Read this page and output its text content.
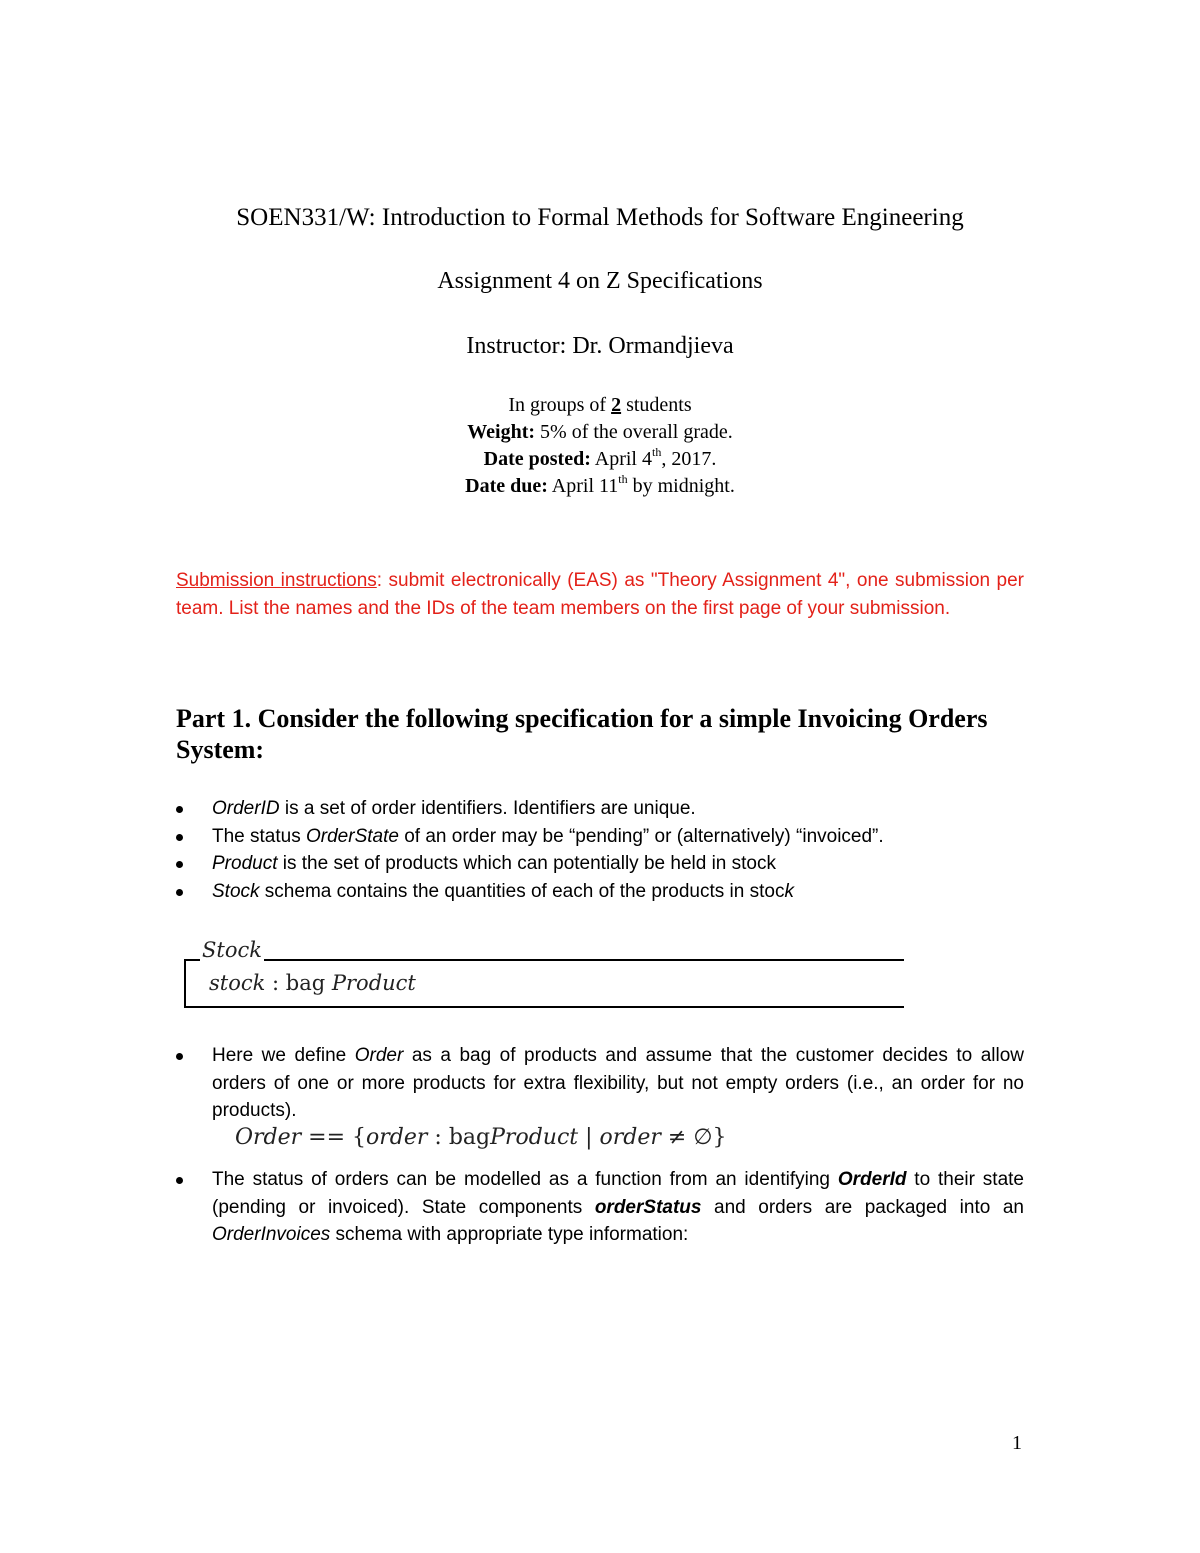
SOEN331/W: Introduction to Formal Methods for Software Engineering
Assignment 4 on Z Specifications
Instructor: Dr. Ormandjieva
In groups of 2 students
Weight: 5% of the overall grade.
Date posted: April 4th, 2017.
Date due: April 11th by midnight.
Submission instructions: submit electronically (EAS) as "Theory Assignment 4", one submission per team. List the names and the IDs of the team members on the first page of your submission.
Part 1. Consider the following specification for a simple Invoicing Orders System:
OrderID is a set of order identifiers. Identifiers are unique.
The status OrderState of an order may be “pending” or (alternatively) “invoiced”.
Product is the set of products which can potentially be held in stock
Stock schema contains the quantities of each of the products in stock
Stock
stock : bag Product
Here we define Order as a bag of products and assume that the customer decides to allow orders of one or more products for extra flexibility, but not empty orders (i.e., an order for no products).
Order == {order : bagProduct | order ≠ ∅}
The status of orders can be modelled as a function from an identifying OrderId to their state (pending or invoiced). State components orderStatus and orders are packaged into an OrderInvoices schema with appropriate type information:
1
